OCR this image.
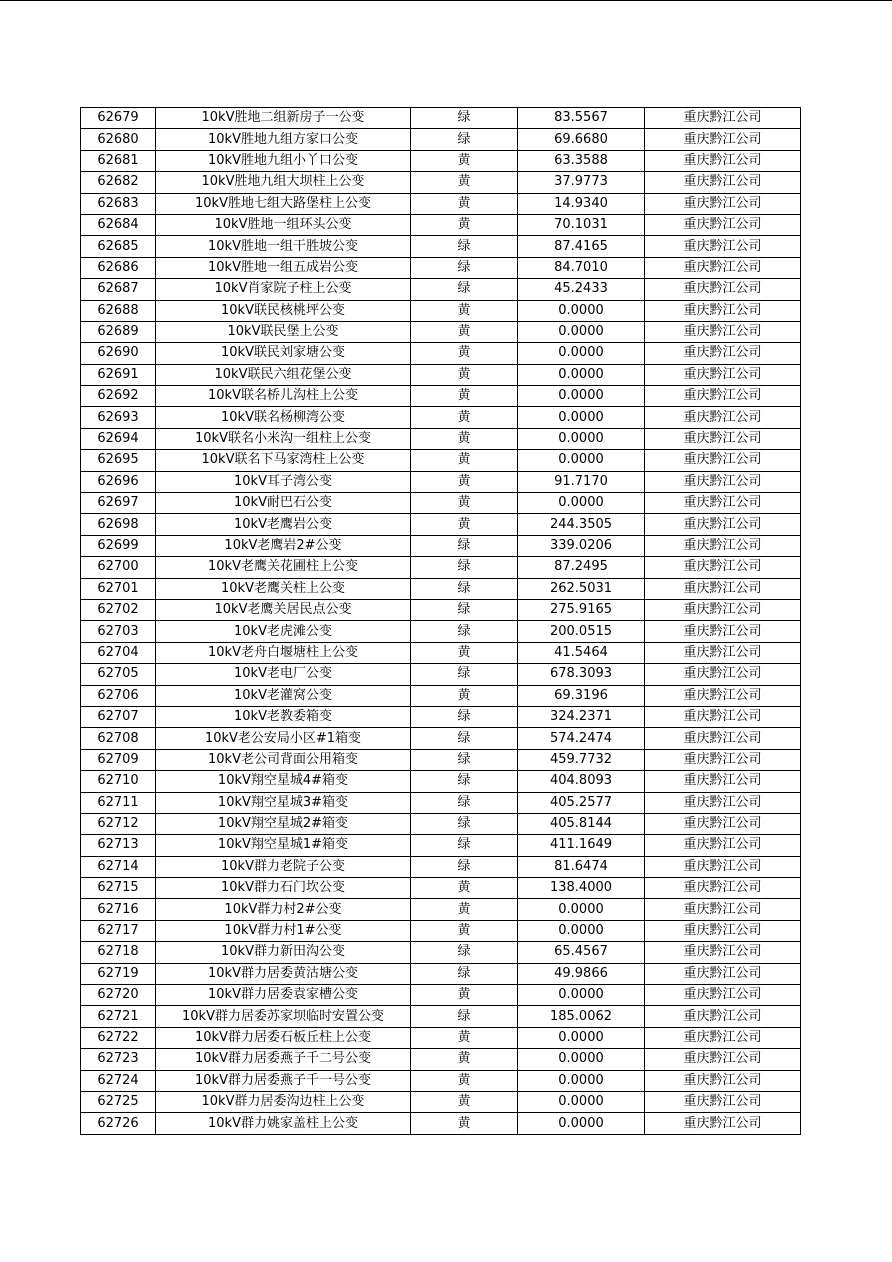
62679	10kV胜地二组新房子一公变	绿	83.5567	重庆黔江公司
62680	10kV胜地九组方家口公变	绿	69.6680	重庆黔江公司
62681	10kV胜地九组小丫口公变	黄	63.3588	重庆黔江公司
62682	10kV胜地九组大坝柱上公变	黄	37.9773	重庆黔江公司
62683	10kV胜地七组大路堡柱上公变	黄	14.9340	重庆黔江公司
62684	10kV胜地一组环头公变	黄	70.1031	重庆黔江公司
62685	10kV胜地一组干胜坡公变	绿	87.4165	重庆黔江公司
62686	10kV胜地一组五成岩公变	绿	84.7010	重庆黔江公司
62687	10kV肖家院子柱上公变	绿	45.2433	重庆黔江公司
62688	10kV联民核桃坪公变	黄	0.0000	重庆黔江公司
62689	10kV联民堡上公变	黄	0.0000	重庆黔江公司
62690	10kV联民刘家塘公变	黄	0.0000	重庆黔江公司
62691	10kV联民六组花堡公变	黄	0.0000	重庆黔江公司
62692	10kV联名桥儿沟柱上公变	黄	0.0000	重庆黔江公司
62693	10kV联名杨柳湾公变	黄	0.0000	重庆黔江公司
62694	10kV联名小米沟一组柱上公变	黄	0.0000	重庆黔江公司
62695	10kV联名下马家湾柱上公变	黄	0.0000	重庆黔江公司
62696	10kV耳子湾公变	黄	91.7170	重庆黔江公司
62697	10kV耐巴石公变	黄	0.0000	重庆黔江公司
62698	10kV老鹰岩公变	黄	244.3505	重庆黔江公司
62699	10kV老鹰岩2#公变	绿	339.0206	重庆黔江公司
62700	10kV老鹰关花圃柱上公变	绿	87.2495	重庆黔江公司
62701	10kV老鹰关柱上公变	绿	262.5031	重庆黔江公司
62702	10kV老鹰关居民点公变	绿	275.9165	重庆黔江公司
62703	10kV老虎滩公变	绿	200.0515	重庆黔江公司
62704	10kV老舟白堰塘柱上公变	黄	41.5464	重庆黔江公司
62705	10kV老电厂公变	绿	678.3093	重庆黔江公司
62706	10kV老灌窝公变	黄	69.3196	重庆黔江公司
62707	10kV老教委箱变	绿	324.2371	重庆黔江公司
62708	10kV老公安局小区#1箱变	绿	574.2474	重庆黔江公司
62709	10kV老公司背面公用箱变	绿	459.7732	重庆黔江公司
62710	10kV翔空星城4#箱变	绿	404.8093	重庆黔江公司
62711	10kV翔空星城3#箱变	绿	405.2577	重庆黔江公司
62712	10kV翔空星城2#箱变	绿	405.8144	重庆黔江公司
62713	10kV翔空星城1#箱变	绿	411.1649	重庆黔江公司
62714	10kV群力老院子公变	绿	81.6474	重庆黔江公司
62715	10kV群力石门坎公变	黄	138.4000	重庆黔江公司
62716	10kV群力村2#公变	黄	0.0000	重庆黔江公司
62717	10kV群力村1#公变	黄	0.0000	重庆黔江公司
62718	10kV群力新田沟公变	绿	65.4567	重庆黔江公司
62719	10kV群力居委黄沽塘公变	绿	49.9866	重庆黔江公司
62720	10kV群力居委袁家槽公变	黄	0.0000	重庆黔江公司
62721	10kV群力居委苏家坝临时安置公变	绿	185.0062	重庆黔江公司
62722	10kV群力居委石板丘柱上公变	黄	0.0000	重庆黔江公司
62723	10kV群力居委燕子千二号公变	黄	0.0000	重庆黔江公司
62724	10kV群力居委燕子千一号公变	黄	0.0000	重庆黔江公司
62725	10kV群力居委沟边柱上公变	黄	0.0000	重庆黔江公司
62726	10kV群力姚家盖柱上公变	黄	0.0000	重庆黔江公司
